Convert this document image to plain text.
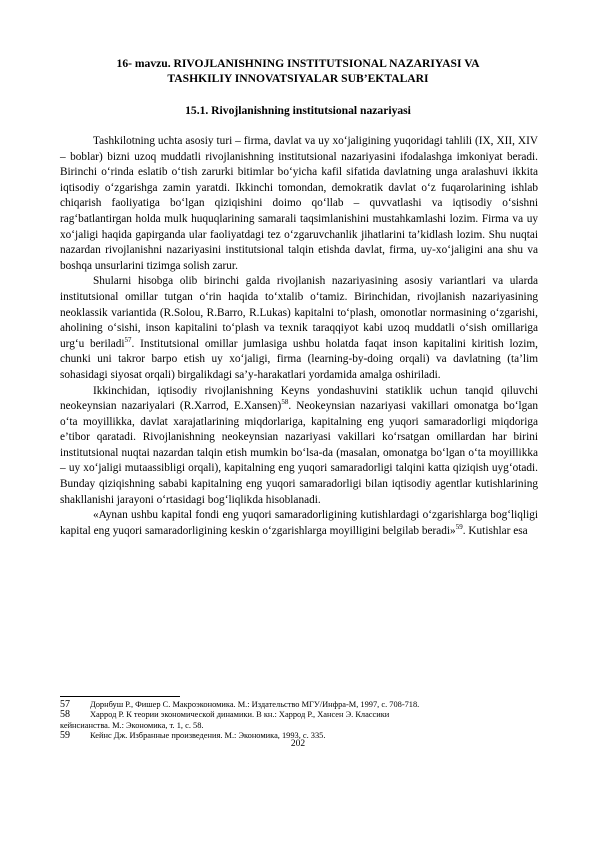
16- mavzu. RIVOJLANISHNING INSTITUTSIONAL NAZARIYASI VA
TASHKILIY INNOVATSIYALAR SUB’EKTALARI
15.1. Rivojlanishning institutsional nazariyasi

Tashkilotning uchta asosiy turi – firma, davlat va uy xo‘jaligining yuqoridagi tahlili (IX, XII, XIV – boblar) bizni uzoq muddatli rivojlanishning institutsional nazariyasini ifodalashga imkoniyat beradi. Birinchi o‘rinda eslatib o‘tish zarurki bitimlar bo‘yicha kafil sifatida davlatning unga aralashuvi ikkita iqtisodiy o‘zgarishga zamin yaratdi. Ikkinchi tomondan, demokratik davlat o‘z fuqarolarining ishlab chiqarish faoliyatiga bo‘lgan qiziqishini doimo qo‘llab – quvvatlashi va iqtisodiy o‘sishni rag‘batlantirgan holda mulk huquqlarining samarali taqsimlanishini mustahkamlashi lozim. Firma va uy xo‘jaligi haqida gapirganda ular faoliyatdagi tez o‘zgaruvchanlik jihatlarini ta’kidlash lozim. Shu nuqtai nazardan rivojlanishni nazariyasini institutsional talqin etishda davlat, firma, uy-xo‘jaligini ana shu va boshqa unsurlarini tizimga solish zarur.

Shularni hisobga olib birinchi galda rivojlanish nazariyasining asosiy variantlari va ularda institutsional omillar tutgan o‘rin haqida to‘xtalib o‘tamiz. Birinchidan, rivojlanish nazariyasining neoklassik variantida (R.Solou, R.Barro, R.Lukas) kapitalni to‘plash, omonotlar normasining o‘zgarishi, aholining o‘sishi, inson kapitalini to‘plash va texnik taraqqiyot kabi uzoq muddatli o‘sish omillariga urg‘u beriladi$^{57}$. Institutsional omillar jumlasiga ushbu holatda faqat inson kapitalini kiritish lozim, chunki uni takror barpo etish uy xo‘jaligi, firma (learning-by-doing orqali) va davlatning (ta’lim sohasidagi siyosat orqali) birgalikdagi sa’y-harakatlari yordamida amalga oshiriladi.

Ikkinchidan, iqtisodiy rivojlanishning Keyns yondashuvini statiklik uchun tanqid qiluvchi neokeynsian nazariyalari (R.Xarrod, E.Xansen)$^{58}$. Neokeynsian nazariyasi vakillari omonatga bo‘lgan o‘ta moyillikka, davlat xarajatlarining miqdorlariga, kapitalning eng yuqori samaradorligi miqdoriga e’tibor qaratadi. Rivojlanishning neokeynsian nazariyasi vakillari ko‘rsatgan omillardan har birini institutsional nuqtai nazardan talqin etish mumkin bo‘lsa-da (masalan, omonatga bo‘lgan o‘ta moyillikka – uy xo‘jaligi mutaassibligi orqali), kapitalning eng yuqori samaradorligi talqini katta qiziqish uyg‘otadi. Bunday qiziqishning sababi kapitalning eng yuqori samaradorligi bilan iqtisodiy agentlar kutishlarining shakllanishi jarayoni o‘rtasidagi bog‘liqlikda hisoblanadi.

«Aynan ushbu kapital fondi eng yuqori samaradorligining kutishlardagi o‘zgarishlarga bog‘liqligi kapital eng yuqori samaradorligining keskin o‘zgarishlarga moyilligini belgilab beradi»$^{59}$. Kutishlar esa

57 Дорнбуш Р., Фишер С. Макроэкономика. М.: Издательство МГУ/Инфра-М, 1997, с. 708-718.
58 Харрод Р. К теории экономической динамики. В кн.: Харрод Р., Хансен Э. Классики
кейнсианства. М.: Экономика, т. 1, с. 58.
59 Кейнс Дж. Избранные произведения. М.: Экономика, 1993, с. 335.
202
